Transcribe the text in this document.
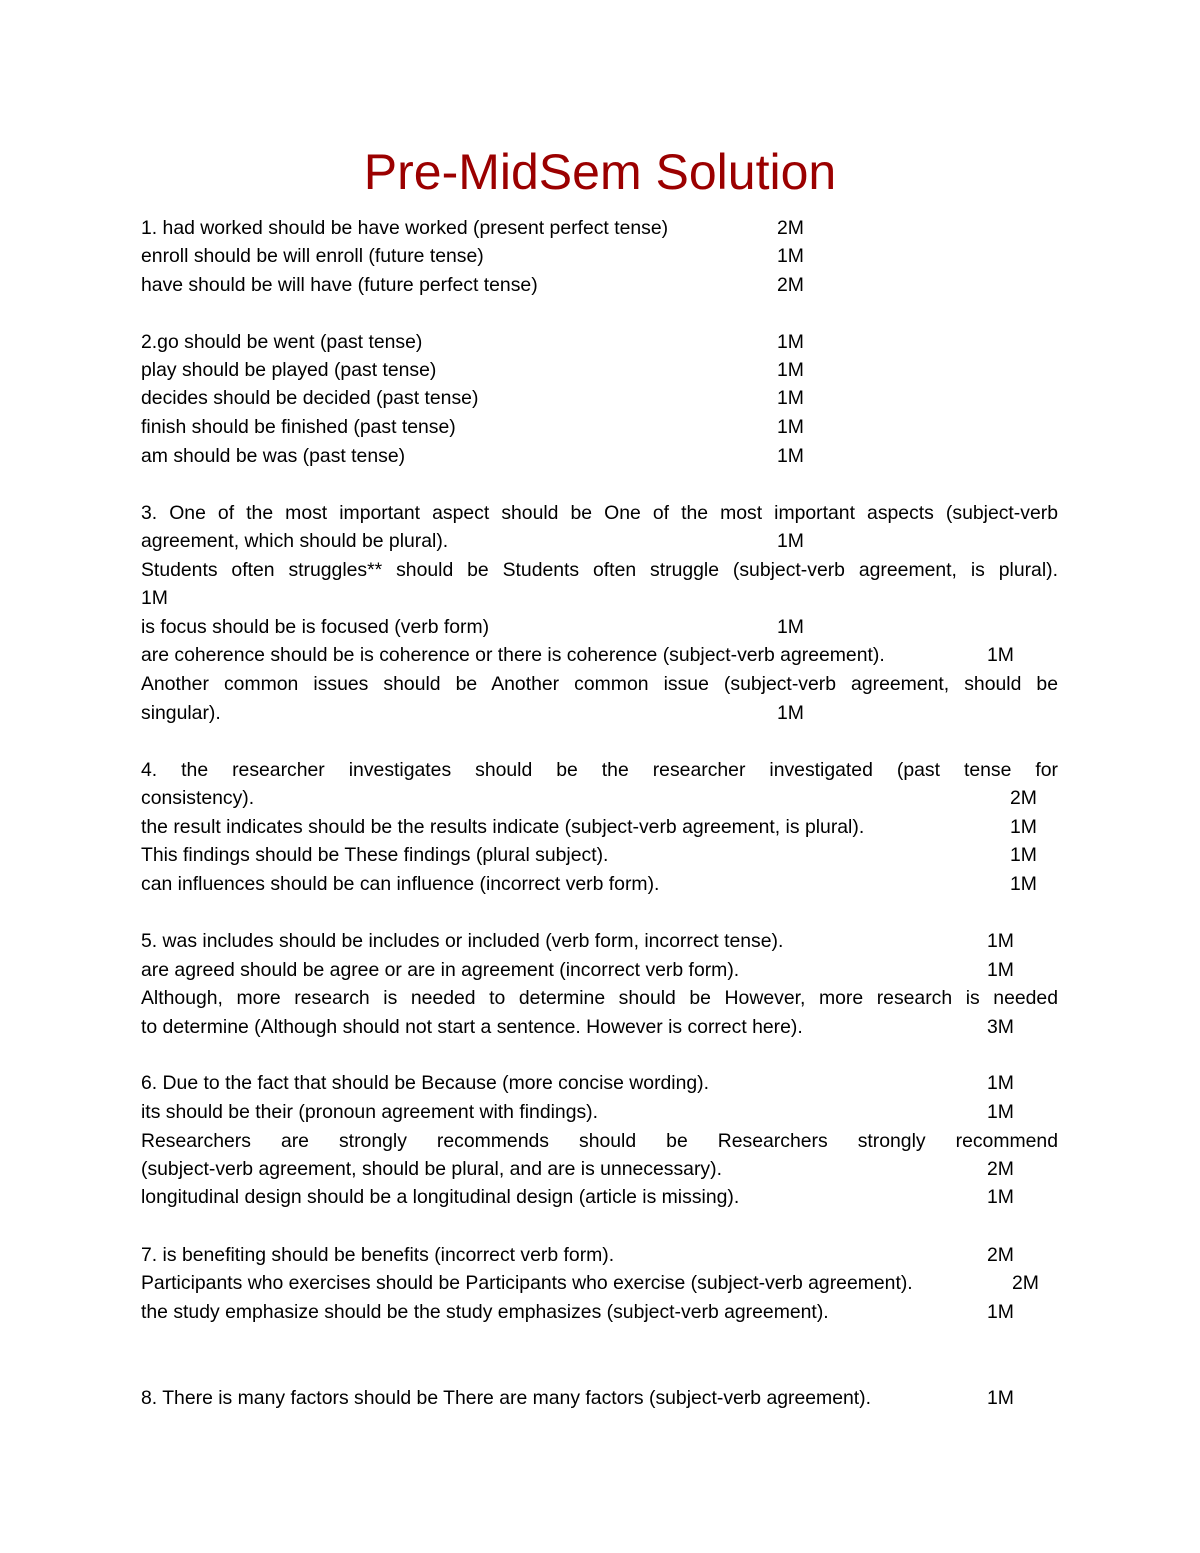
Pre-MidSem Solution

1. had worked should be have worked (present perfect tense)	2M

enroll should be will enroll (future tense)	1M

have should be will have (future perfect tense)	2M

2.go should be went (past tense)	1M

play should be played (past tense)	1M

decides should be decided (past tense)	1M

finish should be finished (past tense)	1M

am should be was (past tense)	1M

3. One of the most important aspect should be One of the most important aspects (subject-verb

agreement, which should be plural).	1M

Students often struggles** should be Students often struggle (subject-verb agreement, is plural).

1M

is focus should be is focused (verb form)	1M

are coherence should be is coherence or there is coherence (subject-verb agreement).	1M

Another common issues should be Another common issue (subject-verb agreement, should be

singular).	1M

4. the researcher investigates should be the researcher investigated (past tense for

consistency).	2M

the result indicates should be the results indicate (subject-verb agreement, is plural).	1M

This findings should be These findings (plural subject).	1M

can influences should be can influence (incorrect verb form).	1M

5. was includes should be includes or included (verb form, incorrect tense).	1M

are agreed should be agree or are in agreement (incorrect verb form).	1M

Although, more research is needed to determine should be However, more research is needed

to determine (Although should not start a sentence. However is correct here).	3M

6. Due to the fact that should be Because (more concise wording).	1M

its should be their (pronoun agreement with findings).	1M

Researchers are strongly recommends should be Researchers strongly recommend

(subject-verb agreement, should be plural, and are is unnecessary).	2M

longitudinal design should be a longitudinal design (article is missing).	1M

7. is benefiting should be benefits (incorrect verb form).	2M

Participants who exercises should be Participants who exercise (subject-verb agreement).	2M

the study emphasize should be the study emphasizes (subject-verb agreement).	1M

8. There is many factors should be There are many factors (subject-verb agreement).	1M
